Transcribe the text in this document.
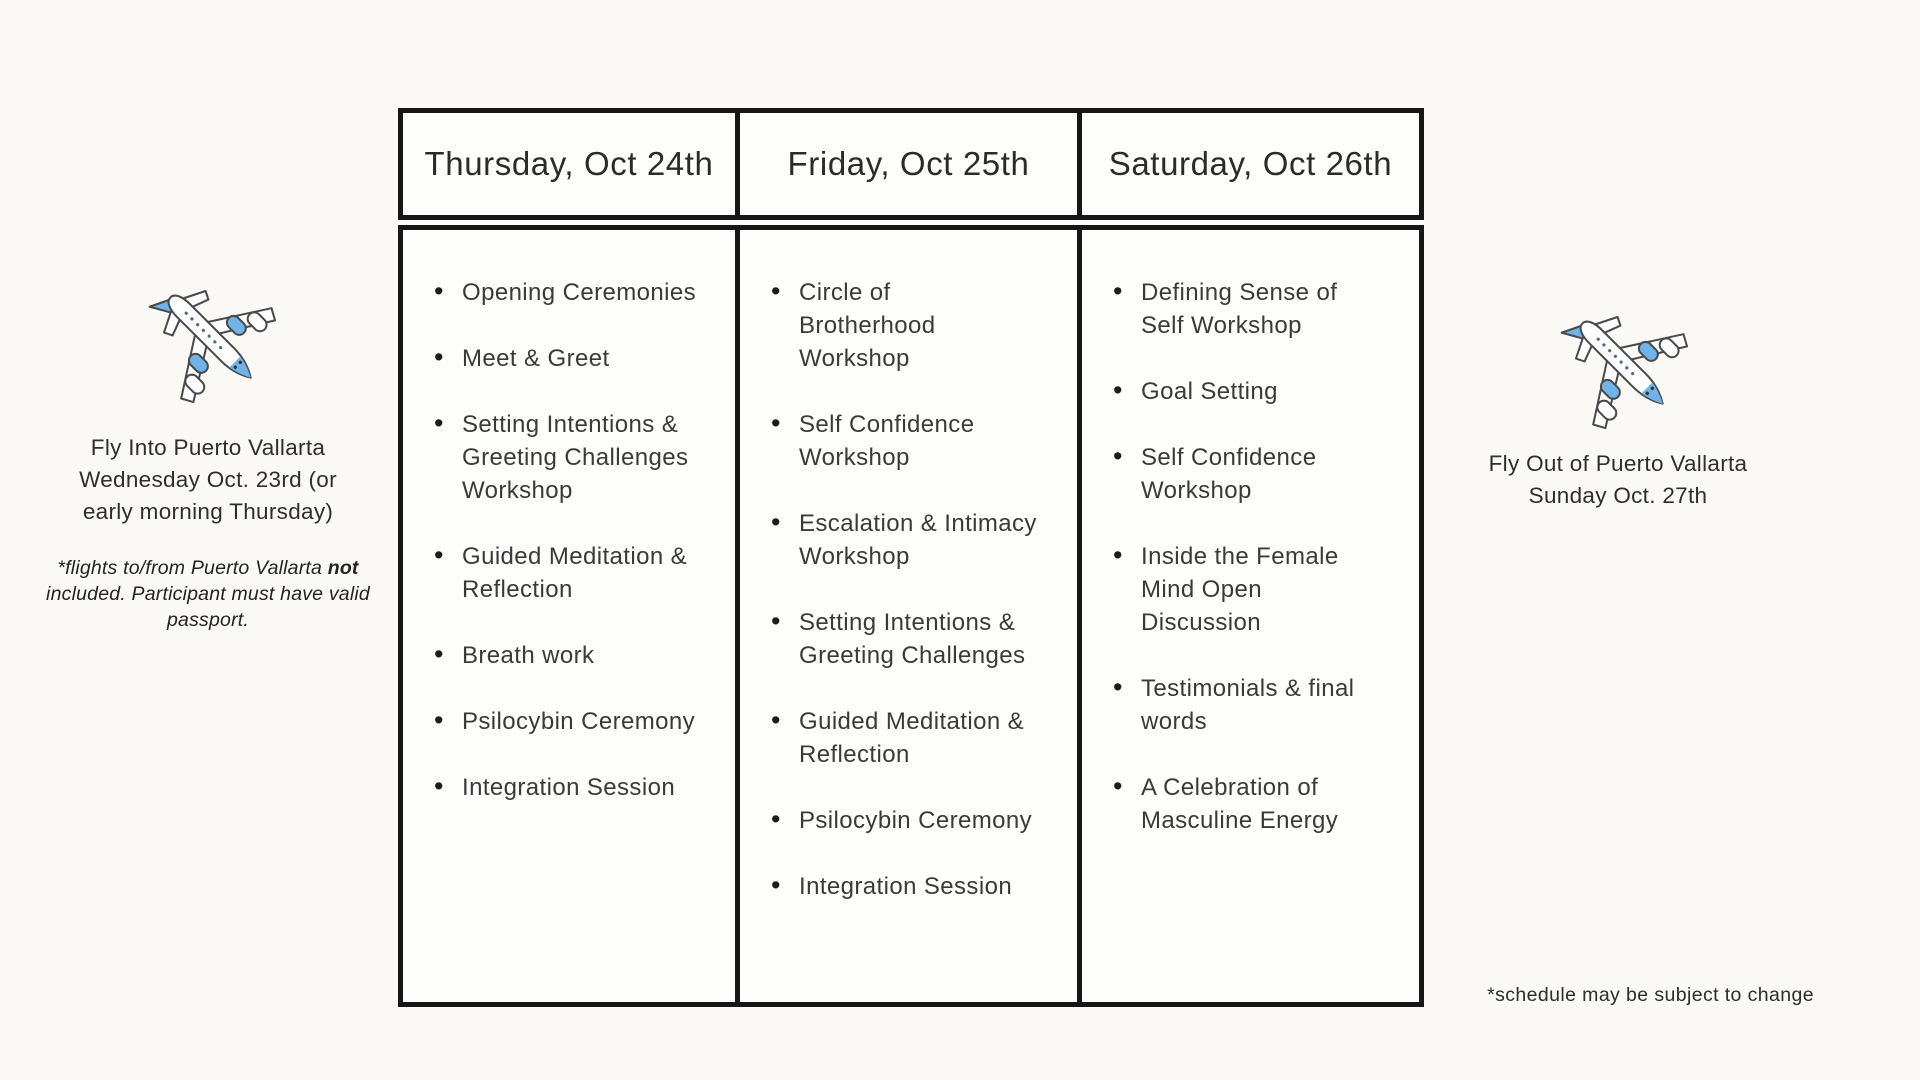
Fly Into Puerto Vallarta
Wednesday Oct. 23rd (or
early morning Thursday)
*flights to/from Puerto Vallarta not
included. Participant must have valid
passport.
Thursday, Oct 24th	Friday, Oct 25th	Saturday, Oct 26th
• Opening Ceremonies
• Meet & Greet
• Setting Intentions &
Greeting Challenges
Workshop
• Guided Meditation &
Reflection
• Breath work
• Psilocybin Ceremony
• Integration Session
• Circle of
Brotherhood
Workshop
• Self Confidence
Workshop
• Escalation & Intimacy
Workshop
• Setting Intentions &
Greeting Challenges
• Guided Meditation &
Reflection
• Psilocybin Ceremony
• Integration Session
• Defining Sense of
Self Workshop
• Goal Setting
• Self Confidence
Workshop
• Inside the Female
Mind Open
Discussion
• Testimonials & final
words
• A Celebration of
Masculine Energy
Fly Out of Puerto Vallarta
Sunday Oct. 27th
*schedule may be subject to change
